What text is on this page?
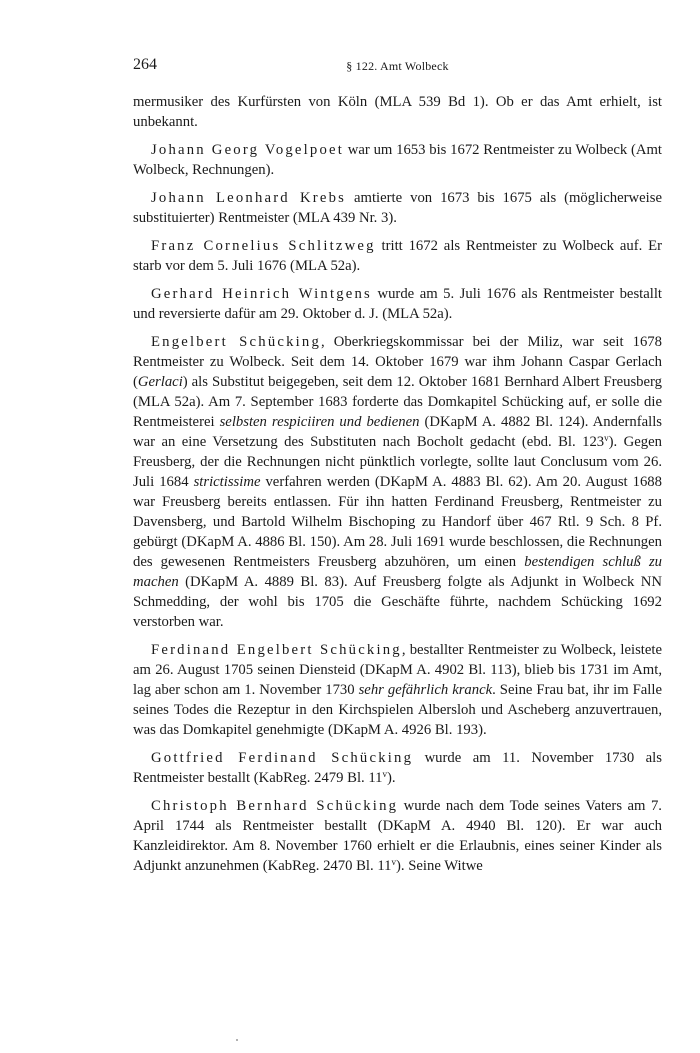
264	§ 122. Amt Wolbeck

mermusiker des Kurfürsten von Köln (MLA 539 Bd 1). Ob er das Amt erhielt, ist unbekannt.

Johann Georg Vogelpoet war um 1653 bis 1672 Rentmeister zu Wolbeck (Amt Wolbeck, Rechnungen).

Johann Leonhard Krebs amtierte von 1673 bis 1675 als (möglicherweise substituierter) Rentmeister (MLA 439 Nr. 3).

Franz Cornelius Schlitzweg tritt 1672 als Rentmeister zu Wolbeck auf. Er starb vor dem 5. Juli 1676 (MLA 52a).

Gerhard Heinrich Wintgens wurde am 5. Juli 1676 als Rentmeister bestallt und reversierte dafür am 29. Oktober d. J. (MLA 52a).

Engelbert Schücking, Oberkriegskommissar bei der Miliz, war seit 1678 Rentmeister zu Wolbeck. Seit dem 14. Oktober 1679 war ihm Johann Caspar Gerlach (Gerlaci) als Substitut beigegeben, seit dem 12. Oktober 1681 Bernhard Albert Freusberg (MLA 52a). Am 7. September 1683 forderte das Domkapitel Schücking auf, er solle die Rentmeisterei selbsten respiciiren und bedienen (DKapM A. 4882 Bl. 124). Andernfalls war an eine Versetzung des Substituten nach Bocholt gedacht (ebd. Bl. 123$^v$). Gegen Freusberg, der die Rechnungen nicht pünktlich vorlegte, sollte laut Conclusum vom 26. Juli 1684 strictissime verfahren werden (DKapM A. 4883 Bl. 62). Am 20. August 1688 war Freusberg bereits entlassen. Für ihn hatten Ferdinand Freusberg, Rentmeister zu Davensberg, und Bartold Wilhelm Bischoping zu Handorf über 467 Rtl. 9 Sch. 8 Pf. gebürgt (DKapM A. 4886 Bl. 150). Am 28. Juli 1691 wurde beschlossen, die Rechnungen des gewesenen Rentmeisters Freusberg abzuhören, um einen bestendigen schluß zu machen (DKapM A. 4889 Bl. 83). Auf Freusberg folgte als Adjunkt in Wolbeck NN Schmedding, der wohl bis 1705 die Geschäfte führte, nachdem Schücking 1692 verstorben war.

Ferdinand Engelbert Schücking, bestallter Rentmeister zu Wolbeck, leistete am 26. August 1705 seinen Diensteid (DKapM A. 4902 Bl. 113), blieb bis 1731 im Amt, lag aber schon am 1. November 1730 sehr gefährlich kranck. Seine Frau bat, ihr im Falle seines Todes die Rezeptur in den Kirchspielen Albersloh und Ascheberg anzuvertrauen, was das Domkapitel genehmigte (DKapM A. 4926 Bl. 193).

Gottfried Ferdinand Schücking wurde am 11. November 1730 als Rentmeister bestallt (KabReg. 2479 Bl. 11$^v$).

Christoph Bernhard Schücking wurde nach dem Tode seines Vaters am 7. April 1744 als Rentmeister bestallt (DKapM A. 4940 Bl. 120). Er war auch Kanzleidirektor. Am 8. November 1760 erhielt er die Erlaubnis, eines seiner Kinder als Adjunkt anzunehmen (KabReg. 2470 Bl. 11$^v$). Seine Witwe
